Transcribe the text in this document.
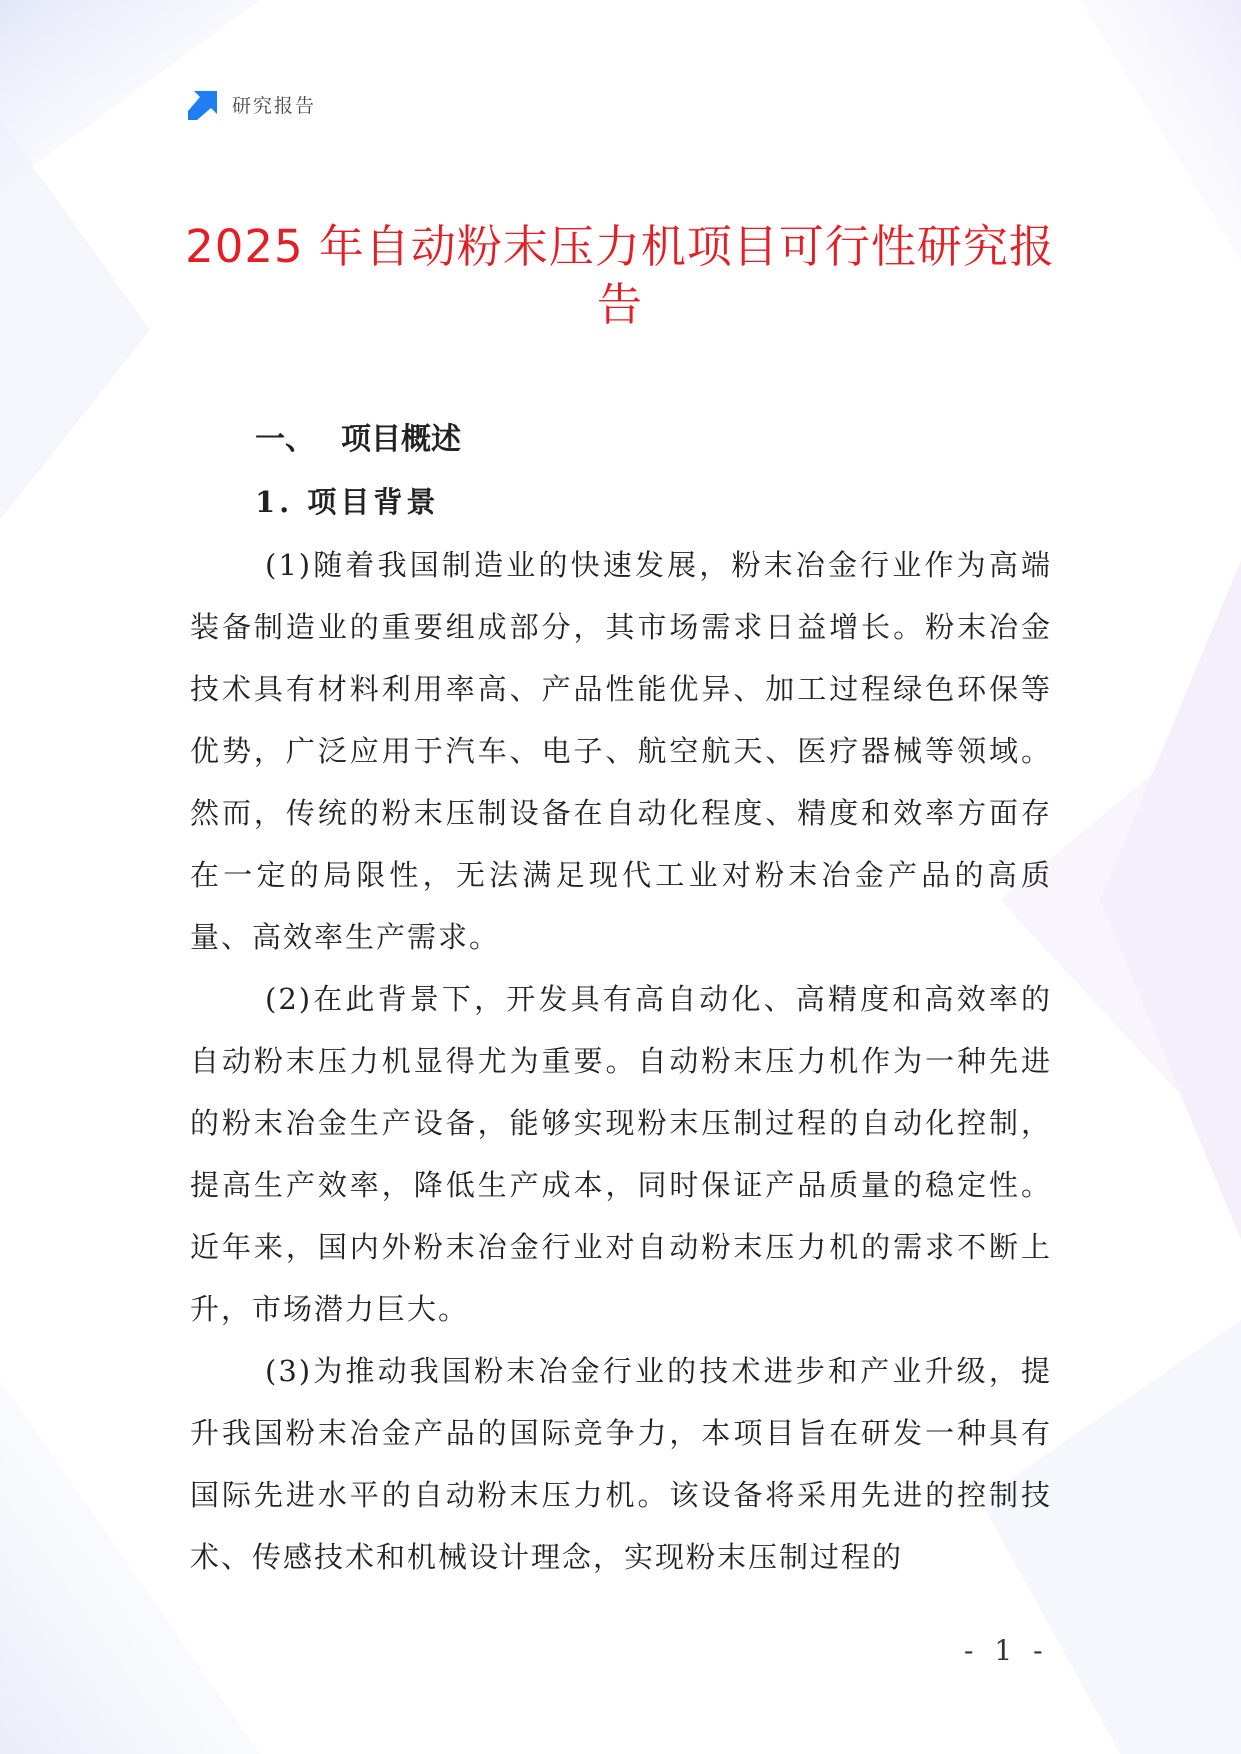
研究报告
2025 年自动粉末压力机项目可行性研究报告
一、 项目概述
1. 项目背景

(1)随着我国制造业的快速发展，粉末冶金行业作为高端装备制造业的重要组成部分，其市场需求日益增长。粉末冶金技术具有材料利用率高、产品性能优异、加工过程绿色环保等优势，广泛应用于汽车、电子、航空航天、医疗器械等领域。然而，传统的粉末压制设备在自动化程度、精度和效率方面存在一定的局限性，无法满足现代工业对粉末冶金产品的高质量、高效率生产需求。

(2)在此背景下，开发具有高自动化、高精度和高效率的自动粉末压力机显得尤为重要。自动粉末压力机作为一种先进的粉末冶金生产设备，能够实现粉末压制过程的自动化控制，提高生产效率，降低生产成本，同时保证产品质量的稳定性。近年来，国内外粉末冶金行业对自动粉末压力机的需求不断上升，市场潜力巨大。

(3)为推动我国粉末冶金行业的技术进步和产业升级，提升我国粉末冶金产品的国际竞争力，本项目旨在研发一种具有国际先进水平的自动粉末压力机。该设备将采用先进的控制技术、传感技术和机械设计理念，实现粉末压制过程的

- 1 -
